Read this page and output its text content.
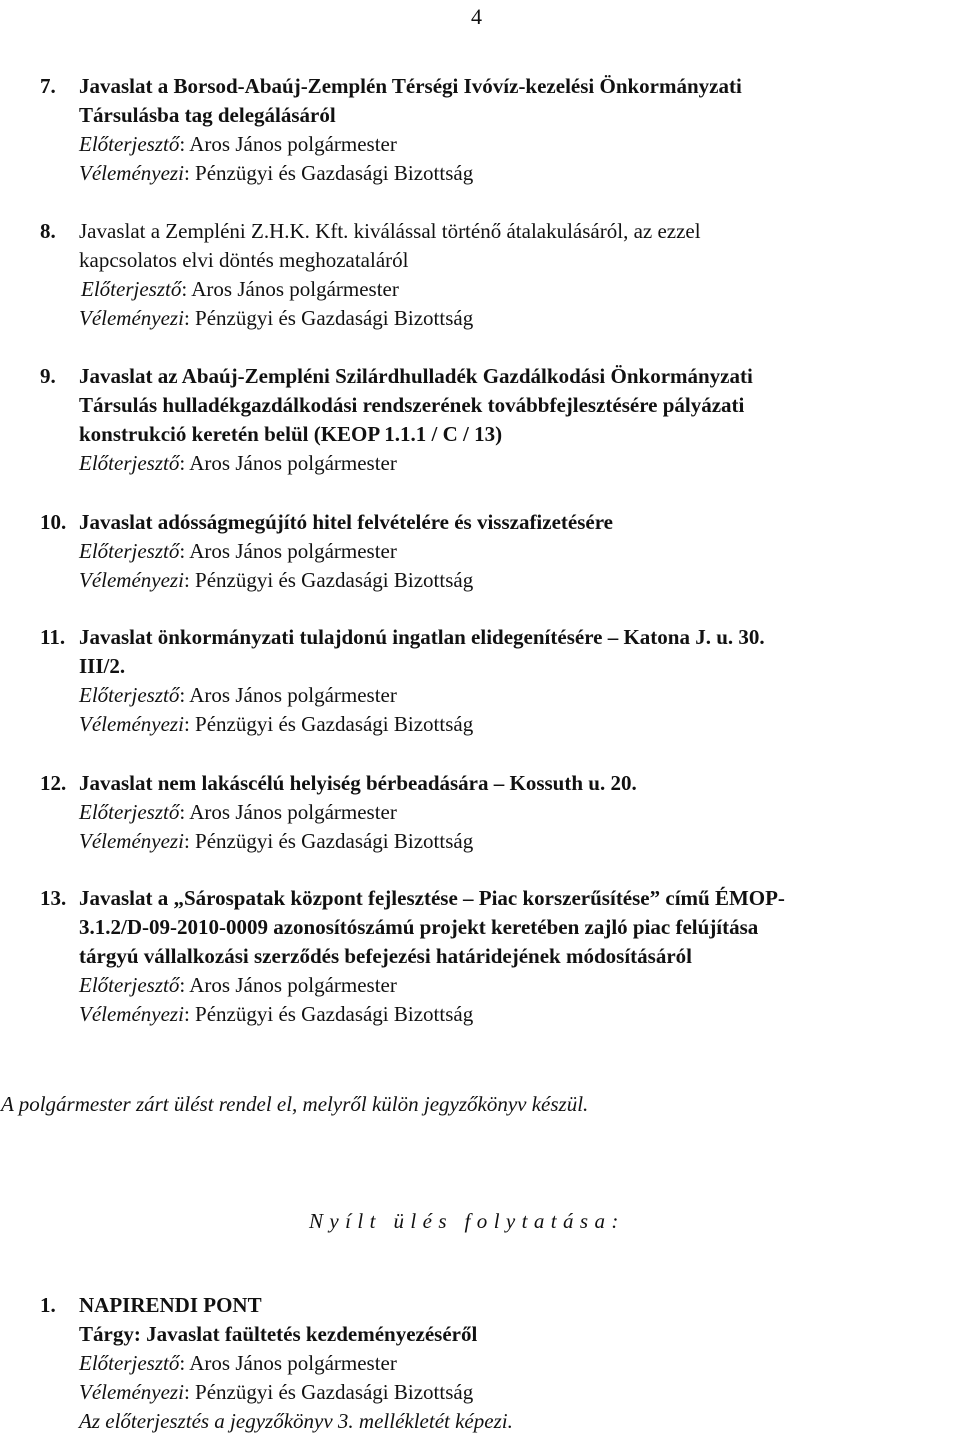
4
7. Javaslat a Borsod-Abaúj-Zemplén Térségi Ivóvíz-kezelési Önkormányzati
Társulásba tag delegálásáról
Előterjesztő: Aros János polgármester
Véleményezi: Pénzügyi és Gazdasági Bizottság
8. Javaslat a Zempléni Z.H.K. Kft. kiválással történő átalakulásáról, az ezzel
kapcsolatos elvi döntés meghozataláról
Előterjesztő: Aros János polgármester
Véleményezi: Pénzügyi és Gazdasági Bizottság
9. Javaslat az Abaúj-Zempléni Szilárdhulladék Gazdálkodási Önkormányzati
Társulás hulladékgazdálkodási rendszerének továbbfejlesztésére pályázati
konstrukció keretén belül (KEOP 1.1.1 / C / 13)
Előterjesztő: Aros János polgármester
10. Javaslat adósságmegújító hitel felvételére és visszafizetésére
Előterjesztő: Aros János polgármester
Véleményezi: Pénzügyi és Gazdasági Bizottság
11. Javaslat önkormányzati tulajdonú ingatlan elidegenítésére – Katona J. u. 30.
III/2.
Előterjesztő: Aros János polgármester
Véleményezi: Pénzügyi és Gazdasági Bizottság
12. Javaslat nem lakáscélú helyiség bérbeadására – Kossuth u. 20.
Előterjesztő: Aros János polgármester
Véleményezi: Pénzügyi és Gazdasági Bizottság
13. Javaslat a „Sárospatak központ fejlesztése – Piac korszerűsítése” című ÉMOP-
3.1.2/D-09-2010-0009 azonosítószámú projekt keretében zajló piac felújítása
tárgyú vállalkozási szerződés befejezési határidejének módosításáról
Előterjesztő: Aros János polgármester
Véleményezi: Pénzügyi és Gazdasági Bizottság
A polgármester zárt ülést rendel el, melyről külön jegyzőkönyv készül.
Nyílt ülés folytatása:
1. NAPIRENDI PONT
Tárgy: Javaslat faültetés kezdeményezéséről
Előterjesztő: Aros János polgármester
Véleményezi: Pénzügyi és Gazdasági Bizottság
Az előterjesztés a jegyzőkönyv 3. mellékletét képezi.
